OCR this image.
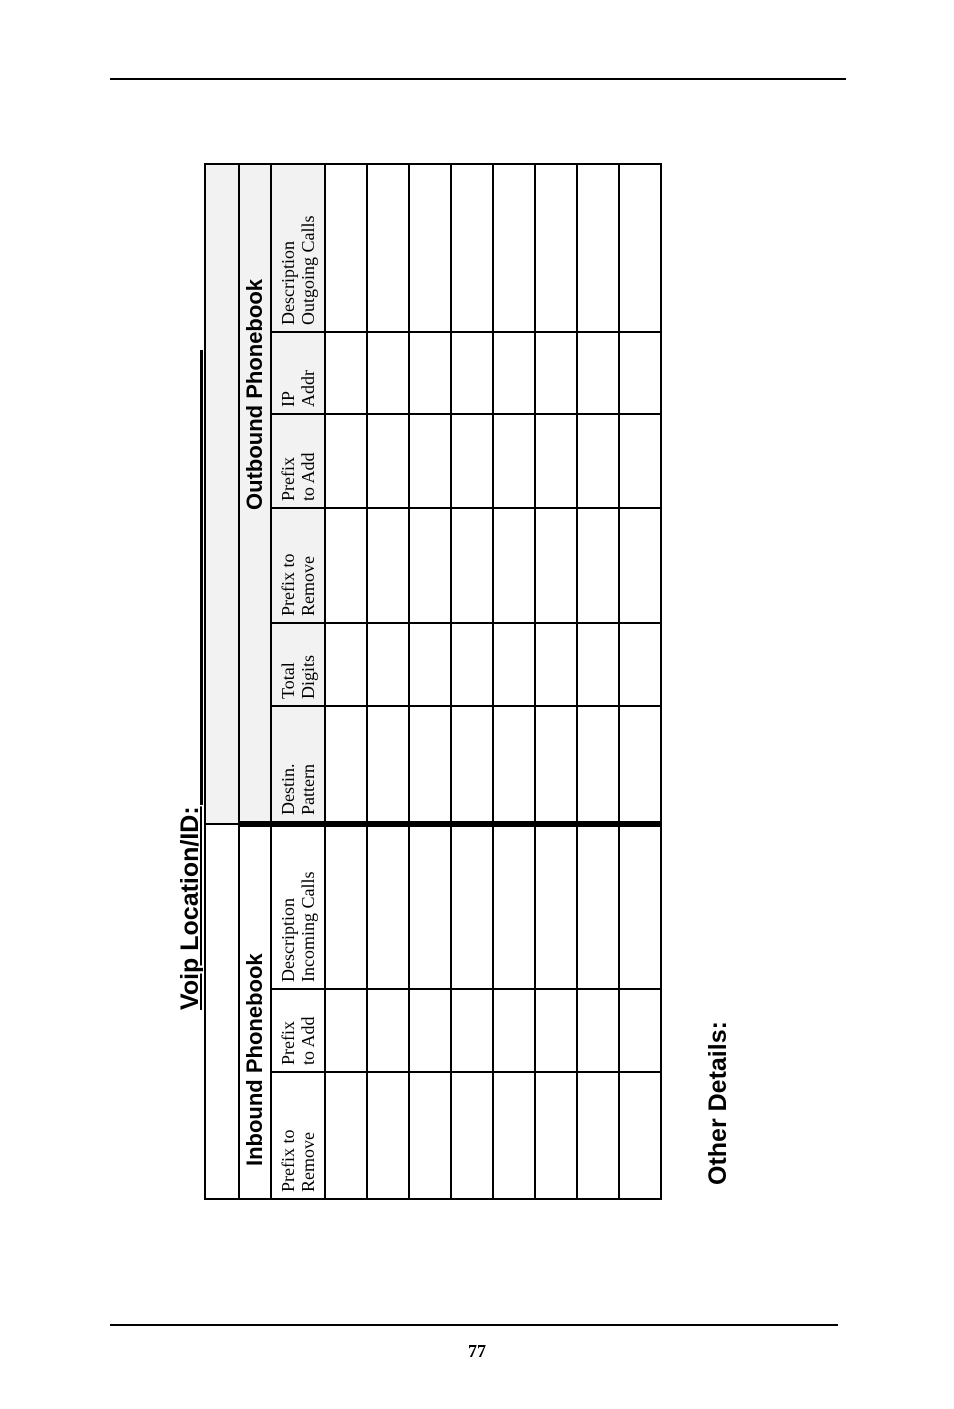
Voip Location/ID:

Inbound Phonebook			Outbound Phonebook					

Prefix to Remove	Prefix to Add	Description Incoming Calls	Destin. Pattern	Total Digits	Prefix to Remove	Prefix to Add	IP Addr	Description Outgoing Calls

Other Details:
77
